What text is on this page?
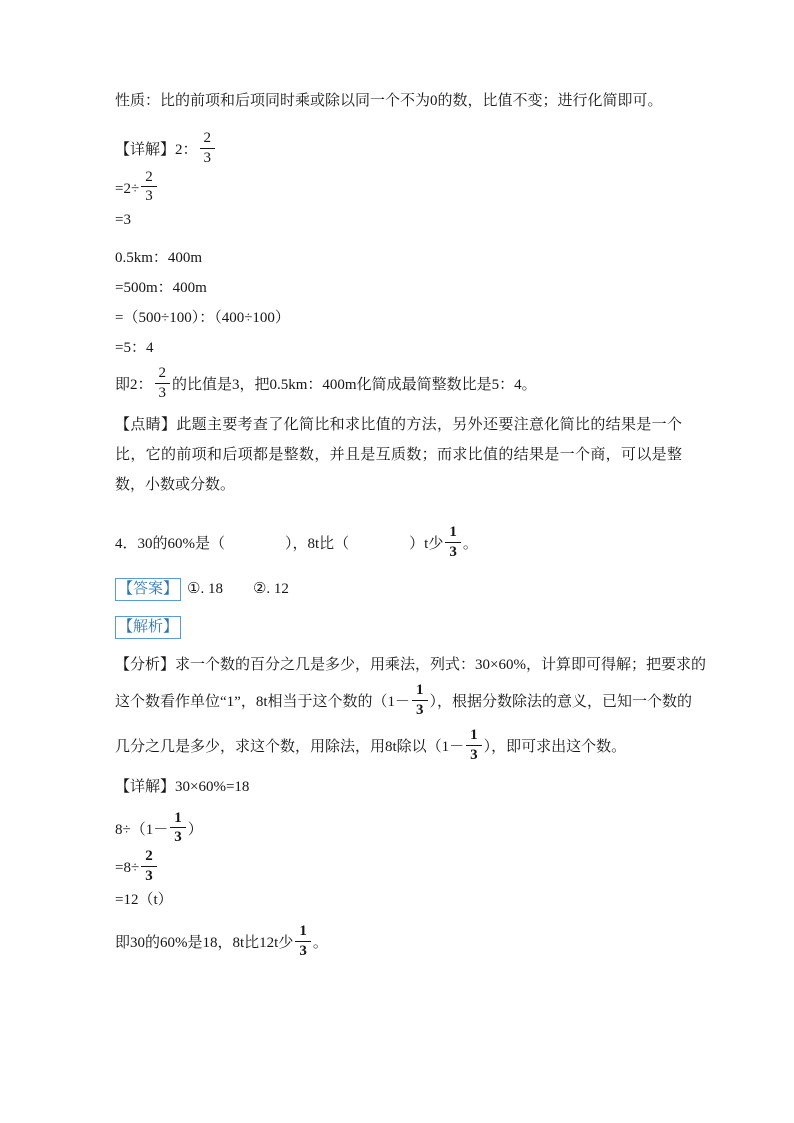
性质：比的前项和后项同时乘或除以同一个不为0的数，比值不变；进行化简即可。

【详解】2： $\frac{2}{3}$
$=2\div \frac{2}{3}$
=3
0.5km：400m
=500m：400m
=（500÷100）：（400÷100）
=5：4
即2： $\frac{2}{3}$ 的比值是3，把0.5km：400m化简成最简整数比是5：4。

【点睛】此题主要考查了化简比和求比值的方法，另外还要注意化简比的结果是一个比，它的前项和后项都是整数，并且是互质数；而求比值的结果是一个商，可以是整数，小数或分数。

4．30的60%是（　　　　），8t比（　　　　）t少 $\frac{1}{3}$ 。
【答案】 ①. 18　　②. 12
【解析】
【分析】求一个数的百分之几是多少，用乘法，列式：30×60%，计算即可得解；把要求的
这个数看作单位“1”，8t相当于这个数的（$1- \frac{1}{3}$ ），根据分数除法的意义，已知一个数的
几分之几是多少，求这个数，用除法，用8t除以（$1- \frac{1}{3}$ ），即可求出这个数。
【详解】30×60%=18
$8\div(1- \frac{1}{3}$ ）
$=8\div \frac{2}{3}$
=12（t）
即30的60%是18，8t比12t少 $\frac{1}{3}$ 。
